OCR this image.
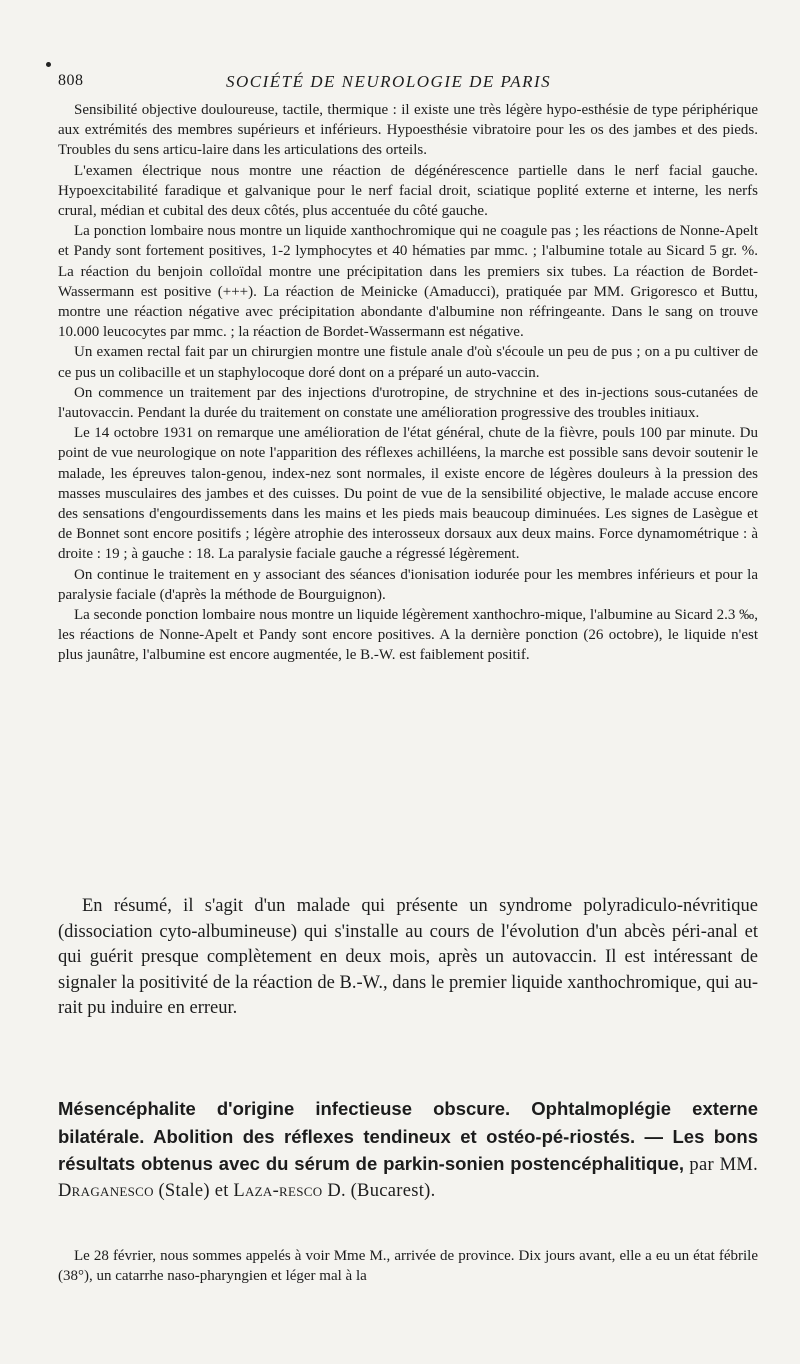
808	SOCIÉTÉ DE NEUROLOGIE DE PARIS

Sensibilité objective douloureuse, tactile, thermique : il existe une très légère hypo-esthésie de type périphérique aux extrémités des membres supérieurs et inférieurs. Hypoesthésie vibratoire pour les os des jambes et des pieds. Troubles du sens articu-laire dans les articulations des orteils.

L'examen électrique nous montre une réaction de dégénérescence partielle dans le nerf facial gauche. Hypoexcitabilité faradique et galvanique pour le nerf facial droit, sciatique poplité externe et interne, les nerfs crural, médian et cubital des deux côtés, plus accentuée du côté gauche.

La ponction lombaire nous montre un liquide xanthochromique qui ne coagule pas ; les réactions de Nonne-Apelt et Pandy sont fortement positives, 1-2 lymphocytes et 40 hématies par mmc. ; l'albumine totale au Sicard 5 gr. %. La réaction du benjoin colloïdal montre une précipitation dans les premiers six tubes. La réaction de Bordet-Wassermann est positive (+++). La réaction de Meinicke (Amaducci), pratiquée par MM. Grigoresco et Buttu, montre une réaction négative avec précipitation abondante d'albumine non réfringeante. Dans le sang on trouve 10.000 leucocytes par mmc. ; la réaction de Bordet-Wassermann est négative.

Un examen rectal fait par un chirurgien montre une fistule anale d'où s'écoule un peu de pus ; on a pu cultiver de ce pus un colibacille et un staphylocoque doré dont on a préparé un auto-vaccin.

On commence un traitement par des injections d'urotropine, de strychnine et des in-jections sous-cutanées de l'autovaccin. Pendant la durée du traitement on constate une amélioration progressive des troubles initiaux.

Le 14 octobre 1931 on remarque une amélioration de l'état général, chute de la fièvre, pouls 100 par minute. Du point de vue neurologique on note l'apparition des réflexes achilléens, la marche est possible sans devoir soutenir le malade, les épreuves talon-genou, index-nez sont normales, il existe encore de légères douleurs à la pression des masses musculaires des jambes et des cuisses. Du point de vue de la sensibilité objective, le malade accuse encore des sensations d'engourdissements dans les mains et les pieds mais beaucoup diminuées. Les signes de Lasègue et de Bonnet sont encore positifs ; légère atrophie des interosseux dorsaux aux deux mains. Force dynamométrique : à droite : 19 ; à gauche : 18. La paralysie faciale gauche a régressé légèrement.

On continue le traitement en y associant des séances d'ionisation iodurée pour les membres inférieurs et pour la paralysie faciale (d'après la méthode de Bourguignon).

La seconde ponction lombaire nous montre un liquide légèrement xanthochro-mique, l'albumine au Sicard 2.3 ‰, les réactions de Nonne-Apelt et Pandy sont encore positives. A la dernière ponction (26 octobre), le liquide n'est plus jaunâtre, l'albumine est encore augmentée, le B.-W. est faiblement positif.

En résumé, il s'agit d'un malade qui présente un syndrome polyradiculo-névritique (dissociation cyto-albumineuse) qui s'installe au cours de l'évolution d'un abcès péri-anal et qui guérit presque complètement en deux mois, après un autovaccin. Il est intéressant de signaler la positivité de la réaction de B.-W., dans le premier liquide xanthochromique, qui au-rait pu induire en erreur.

Mésencéphalite d'origine infectieuse obscure. Ophtalmoplégie externe bilatérale. Abolition des réflexes tendineux et ostéo-pé-riostés. — Les bons résultats obtenus avec du sérum de parkin-sonien postencéphalitique, par MM. Draganesco (Stale) et Laza-resco D. (Bucarest).

Le 28 février, nous sommes appelés à voir Mme M., arrivée de province. Dix jours avant, elle a eu un état fébrile (38°), un catarrhe naso-pharyngien et léger mal à la
